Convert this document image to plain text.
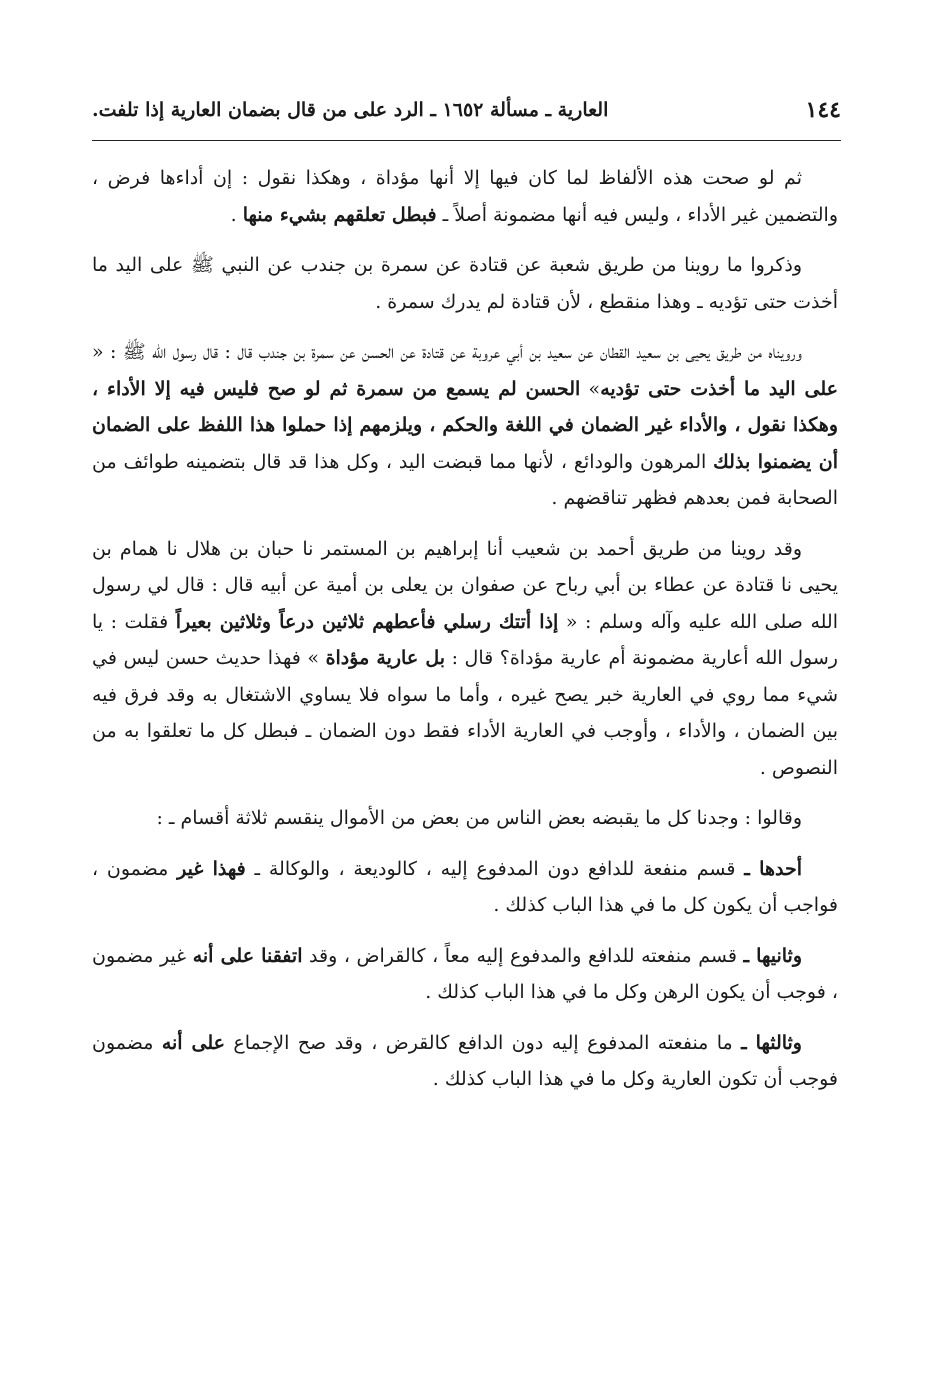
١٤٤
العارية ـ مسألة ١٦٥٢ ـ الرد على من قال بضمان العارية إذا تلفت.

ثم لو صحت هذه الألفاظ لما كان فيها إلا أنها مؤداة ، وهكذا نقول : إن أداءها فرض ، والتضمين غير الأداء ، وليس فيه أنها مضمونة أصلاً ـ فبطل تعلقهم بشيء منها .

وذكروا ما روينا من طريق شعبة عن قتادة عن سمرة بن جندب عن النبي ﷺ على اليد ما أخذت حتى تؤديه ـ وهذا منقطع ، لأن قتادة لم يدرك سمرة .

ورويناه من طريق يحيى بن سعيد القطان عن سعيد بن أبي عروبة عن قتادة عن الحسن عن سمرة بن جندب قال : قال رسول الله ﷺ : « على اليد ما أخذت حتى تؤديه» الحسن لم يسمع من سمرة ثم لو صح فليس فيه إلا الأداء ، وهكذا نقول ، والأداء غير الضمان في اللغة والحكم ، ويلزمهم إذا حملوا هذا اللفظ على الضمان أن يضمنوا بذلك المرهون والودائع ، لأنها مما قبضت اليد ، وكل هذا قد قال بتضمينه طوائف من الصحابة فمن بعدهم فظهر تناقضهم .

وقد روينا من طريق أحمد بن شعيب أنا إبراهيم بن المستمر نا حبان بن هلال نا همام بن يحيى نا قتادة عن عطاء بن أبي رباح عن صفوان بن يعلى بن أمية عن أبيه قال : قال لي رسول الله صلى الله عليه وآله وسلم : « إذا أتتك رسلي فأعطهم ثلاثين درعاً وثلاثين بعيراً فقلت : يا رسول الله أعارية مضمونة أم عارية مؤداة؟ قال : بل عارية مؤداة » فهذا حديث حسن ليس في شيء مما روي في العارية خبر يصح غيره ، وأما ما سواه فلا يساوي الاشتغال به وقد فرق فيه بين الضمان ، والأداء ، وأوجب في العارية الأداء فقط دون الضمان ـ فبطل كل ما تعلقوا به من النصوص .

وقالوا : وجدنا كل ما يقبضه بعض الناس من بعض من الأموال ينقسم ثلاثة أقسام ـ :

أحدها ـ قسم منفعة للدافع دون المدفوع إليه ، كالوديعة ، والوكالة ـ فهذا غير مضمون ، فواجب أن يكون كل ما في هذا الباب كذلك .

وثانيها ـ قسم منفعته للدافع والمدفوع إليه معاً ، كالقراض ، وقد اتفقنا على أنه غير مضمون ، فوجب أن يكون الرهن وكل ما في هذا الباب كذلك .

وثالثها ـ ما منفعته المدفوع إليه دون الدافع كالقرض ، وقد صح الإجماع على أنه مضمون فوجب أن تكون العارية وكل ما في هذا الباب كذلك .
